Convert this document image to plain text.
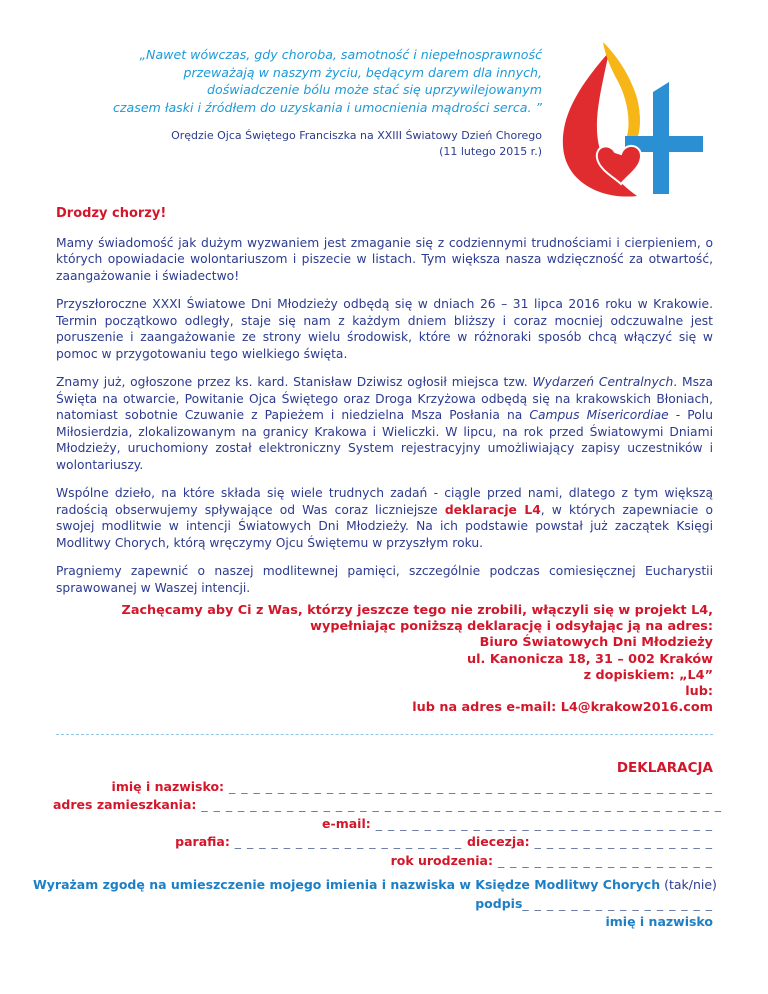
„Nawet wówczas, gdy choroba, samotność i niepełnosprawność
przeważają w naszym życiu, będącym darem dla innych,
doświadczenie bólu może stać się uprzywilejowanym
czasem łaski i źródłem do uzyskania i umocnienia mądrości serca. ”
Orędzie Ojca Świętego Franciszka na XXIII Światowy Dzień Chorego
(11 lutego 2015 r.)

Drodzy chorzy!

Mamy świadomość jak dużym wyzwaniem jest zmaganie się z codziennymi trudnościami i cierpieniem, o których opowiadacie wolontariuszom i piszecie w listach. Tym większa nasza wdzięczność za otwartość, zaangażowanie i świadectwo!

Przyszłoroczne XXXI Światowe Dni Młodzieży odbędą się w dniach 26 – 31 lipca 2016 roku w Krakowie. Termin początkowo odległy, staje się nam z każdym dniem bliższy i coraz mocniej odczuwalne jest poruszenie i zaangażowanie ze strony wielu środowisk, które w różnoraki sposób chcą włączyć się w pomoc w przygotowaniu tego wielkiego święta.

Znamy już, ogłoszone przez ks. kard. Stanisław Dziwisz ogłosił miejsca tzw. Wydarzeń Centralnych. Msza Święta na otwarcie, Powitanie Ojca Świętego oraz Droga Krzyżowa odbędą się na krakowskich Błoniach, natomiast sobotnie Czuwanie z Papieżem i niedzielna Msza Posłania na Campus Misericordiae - Polu Miłosierdzia, zlokalizowanym na granicy Krakowa i Wieliczki. W lipcu, na rok przed Światowymi Dniami Młodzieży, uruchomiony został elektroniczny System rejestracyjny umożliwiający zapisy uczestników i wolontariuszy.

Wspólne dzieło, na które składa się wiele trudnych zadań - ciągle przed nami, dlatego z tym większą radością obserwujemy spływające od Was coraz liczniejsze deklaracje L4, w których zapewniacie o swojej modlitwie w intencji Światowych Dni Młodzieży. Na ich podstawie powstał już zaczątek Księgi Modlitwy Chorych, którą wręczymy Ojcu Świętemu w przyszłym roku.

Pragniemy zapewnić o naszej modlitewnej pamięci, szczególnie podczas comiesięcznej Eucharystii sprawowanej w Waszej intencji.

Zachęcamy aby Ci z Was, którzy jeszcze tego nie zrobili, włączyli się w projekt L4,
wypełniając poniższą deklarację i odsyłając ją na adres:
Biuro Światowych Dni Młodzieży
ul. Kanonicza 18, 31 – 002 Kraków
z dopiskiem: „L4”
lub:
lub na adres e-mail: L4@krakow2016.com
DEKLARACJA
imię i nazwisko: _ _ _ _ _ _ _ _ _ _ _ _ _ _ _ _ _ _ _ _ _ _ _ _ _ _ _ _ _ _ _ _ _ _ _ _ _ _ _ _
adres zamieszkania: _ _ _ _ _ _ _ _ _ _ _ _ _ _ _ _ _ _ _ _ _ _ _ _ _ _ _ _ _ _ _ _ _ _ _ _ _ _ _ _ _ _ _
e-mail: _ _ _ _ _ _ _ _ _ _ _ _ _ _ _ _ _ _ _ _ _ _ _ _ _ _ _ _
parafia: _ _ _ _ _ _ _ _ _ _ _ _ _ _ _ _ _ _ _ diecezja: _ _ _ _ _ _ _ _ _ _ _ _ _ _ _
rok urodzenia: _ _ _ _ _ _ _ _ _ _ _ _ _ _ _ _ _ _
Wyrażam zgodę na umieszczenie mojego imienia i nazwiska w Księdze Modlitwy Chorych (tak/nie)
podpis_ _ _ _ _ _ _ _ _ _ _ _ _ _ _ _
imię i nazwisko
